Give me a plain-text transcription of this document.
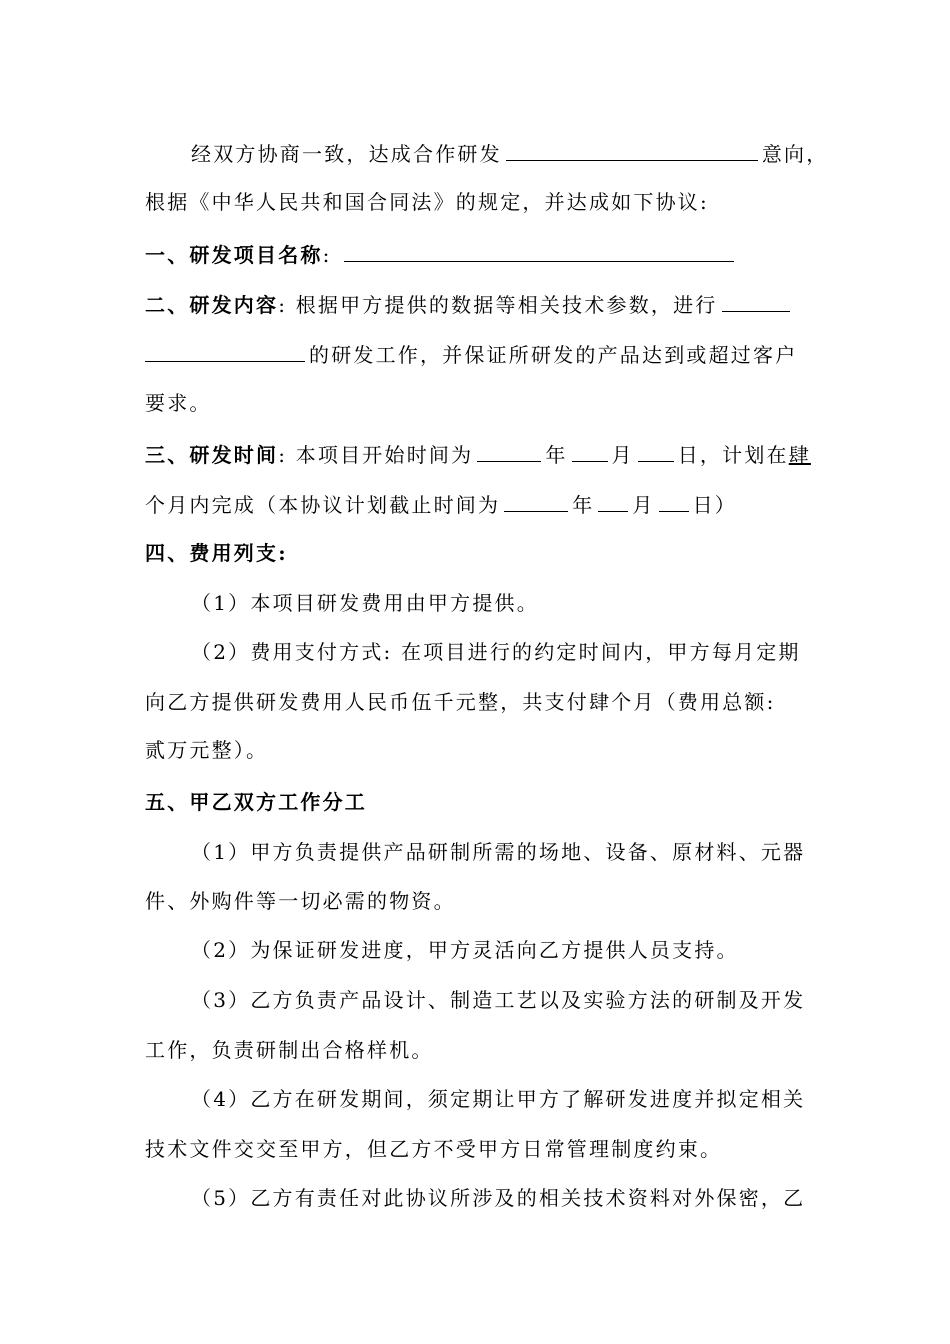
经双方协商一致，达成合作研发	意向，
根据《中华人民共和国合同法》的规定，并达成如下协议:
一、研发项目名称:
二、研发内容: 根据甲方提供的数据等相关技术参数，进行
的研发工作，并保证所研发的产品达到或超过客户
要求。
三、研发时间: 本项目开始时间为	年 月 日，计划在肆
个月内完成（本协议计划截止时间为	年 月 日）
四、费用列支:
（1）本项目研发费用由甲方提供。
（2）费用支付方式: 在项目进行的约定时间内，甲方每月定期
向乙方提供研发费用人民币伍千元整，共支付肆个月（费用总额:
贰万元整）。
五、甲乙双方工作分工
（1）甲方负责提供产品研制所需的场地、设备、原材料、元器
件、外购件等一切必需的物资。
（2）为保证研发进度，甲方灵活向乙方提供人员支持。
（3）乙方负责产品设计、制造工艺以及实验方法的研制及开发
工作，负责研制出合格样机。
（4）乙方在研发期间，须定期让甲方了解研发进度并拟定相关
技术文件交交至甲方，但乙方不受甲方日常管理制度约束。
（5）乙方有责任对此协议所涉及的相关技术资料对外保密，乙
